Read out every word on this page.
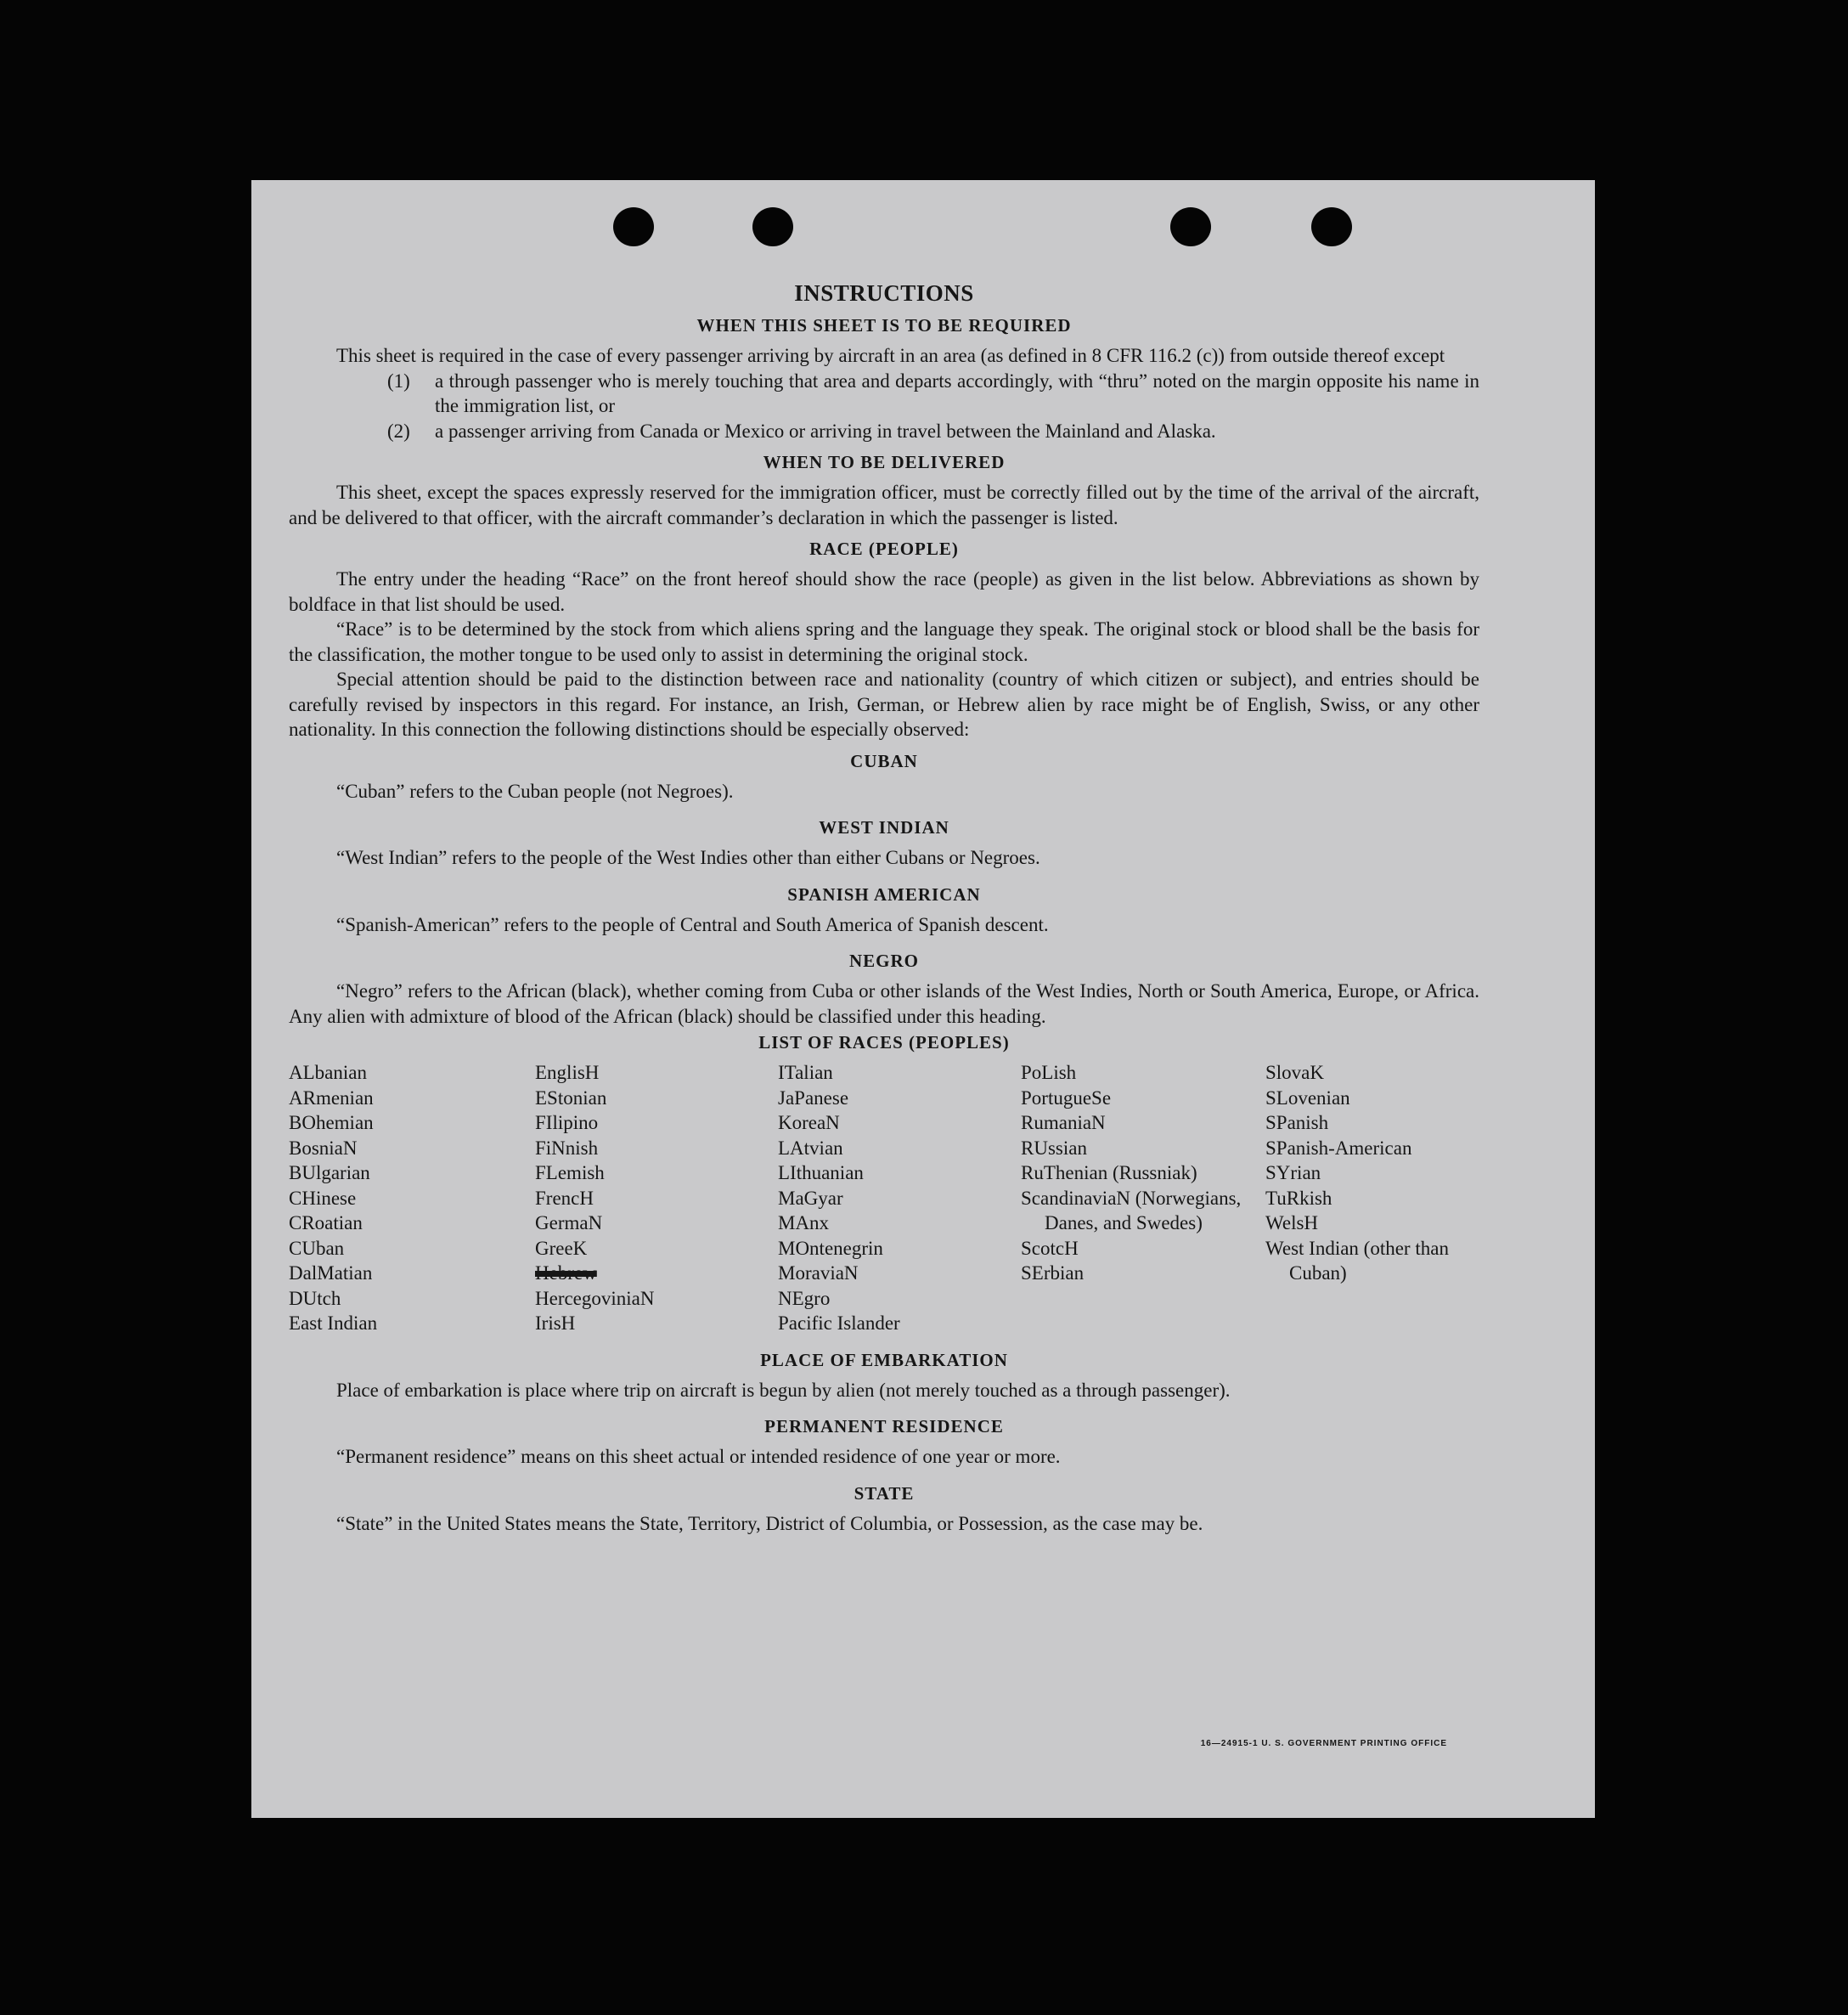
INSTRUCTIONS
WHEN THIS SHEET IS TO BE REQUIRED

This sheet is required in the case of every passenger arriving by aircraft in an area (as defined in 8 CFR 116.2 (c)) from outside thereof except

(1)	a through passenger who is merely touching that area and departs accordingly, with “thru” noted on the margin opposite his name in the immigration list, or
(2)	a passenger arriving from Canada or Mexico or arriving in travel between the Mainland and Alaska.
WHEN TO BE DELIVERED

This sheet, except the spaces expressly reserved for the immigration officer, must be correctly filled out by the time of the arrival of the aircraft, and be delivered to that officer, with the aircraft commander’s declaration in which the passenger is listed.

RACE (PEOPLE)

The entry under the heading “Race” on the front hereof should show the race (people) as given in the list below. Abbreviations as shown by boldface in that list should be used.

“Race” is to be determined by the stock from which aliens spring and the language they speak. The original stock or blood shall be the basis for the classification, the mother tongue to be used only to assist in determining the original stock.

Special attention should be paid to the distinction between race and nationality (country of which citizen or subject), and entries should be carefully revised by inspectors in this regard. For instance, an Irish, German, or Hebrew alien by race might be of English, Swiss, or any other nationality. In this connection the following distinctions should be especially observed:

CUBAN

“Cuban” refers to the Cuban people (not Negroes).

WEST INDIAN

“West Indian” refers to the people of the West Indies other than either Cubans or Negroes.

SPANISH AMERICAN

“Spanish-American” refers to the people of Central and South America of Spanish descent.

NEGRO

“Negro” refers to the African (black), whether coming from Cuba or other islands of the West Indies, North or South America, Europe, or Africa. Any alien with admixture of blood of the African (black) should be classified under this heading.

LIST OF RACES (PEOPLES)
ALbanian
ARmenian
BOhemian
BosniaN
BUlgarian
CHinese
CRoatian
CUban
DalMatian
DUtch
East Indian
EnglisH
EStonian
FIlipino
FiNnish
FLemish
FrencH
GermaN
GreeK
Hebrew
HercegoviniaN
IrisH
ITalian
JaPanese
KoreaN
LAtvian
LIthuanian
MaGyar
MAnx
MOntenegrin
MoraviaN
NEgro
Pacific Islander
PoLish
PortugueSe
RumaniaN
RUssian
RuThenian (Russniak)
ScandinaviaN (Norwegians, Danes, and Swedes)
ScotcH
SErbian
SlovaK
SLovenian
SPanish
SPanish-American
SYrian
TuRkish
WelsH
West Indian (other than Cuban)
PLACE OF EMBARKATION

Place of embarkation is place where trip on aircraft is begun by alien (not merely touched as a through passenger).

PERMANENT RESIDENCE

“Permanent residence” means on this sheet actual or intended residence of one year or more.

STATE

“State” in the United States means the State, Territory, District of Columbia, or Possession, as the case may be.

16—24915-1 U. S. GOVERNMENT PRINTING OFFICE
